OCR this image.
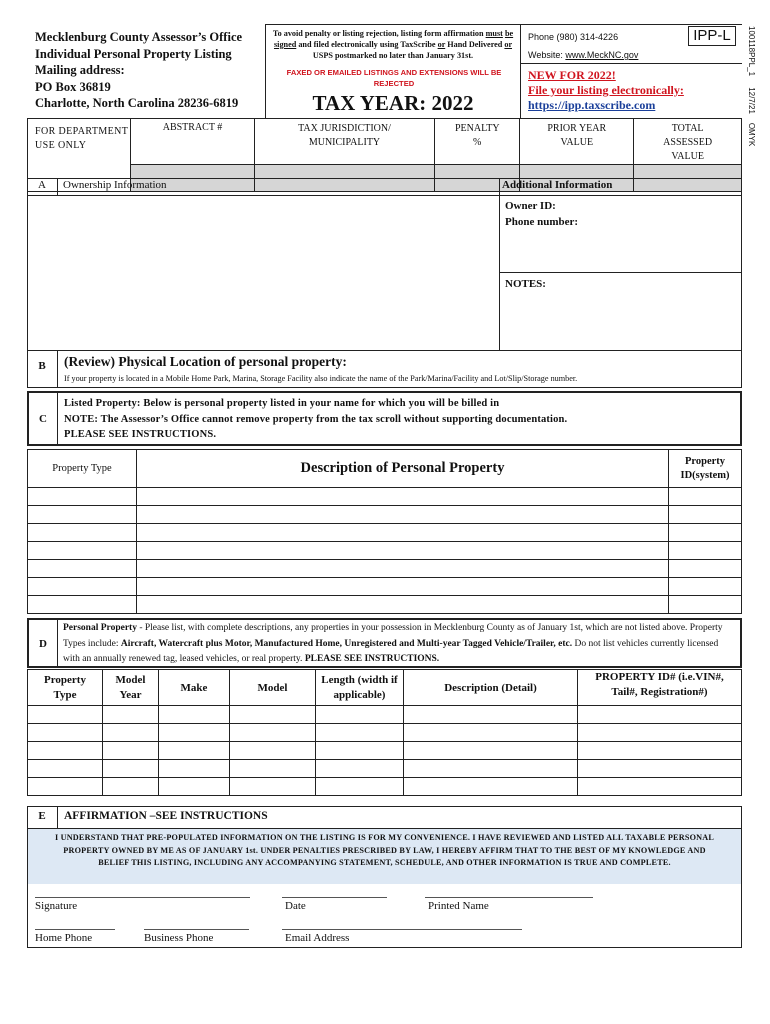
Mecklenburg County Assessor’s Office
Individual Personal Property Listing
Mailing address:
PO Box 36819
Charlotte, North Carolina 28236-6819
To avoid penalty or listing rejection, listing form affirmation must be signed and filed electronically using TaxScribe or Hand Delivered or USPS postmarked no later than January 31st.
FAXED OR EMAILED LISTINGS AND EXTENSIONS WILL BE REJECTED
TAX YEAR: 2022
Phone (980) 314-4226	IPP-L
Website: www.MeckNC.gov
NEW FOR 2022!
File your listing electronically:
https://ipp.taxscribe.com	100118PPL_1     12/7/21    OMYK
FOR DEPARTMENT USE ONLY	ABSTRACT #	TAX JURISDICTION/ MUNICIPALITY	PENALTY %	PRIOR YEAR VALUE	TOTAL ASSESSED VALUE

A	Ownership Information	Additional Information
Owner ID:
Phone number:
NOTES:
B	(Review) Physical Location of personal property:
If your property is located in a Mobile Home Park, Marina, Storage Facility also indicate the name of the Park/Marina/Facility and Lot/Slip/Storage number.
C
Listed Property: Below is personal property listed in your name for which you will be billed in
NOTE: The Assessor’s Office cannot remove property from the tax scroll without supporting documentation.
PLEASE SEE INSTRUCTIONS.
Property Type	Description of Personal Property	Property ID(system)

D
Personal Property - Please list, with complete descriptions, any properties in your possession in Mecklenburg County as of January 1st, which are not listed above. Property Types include: Aircraft, Watercraft plus Motor, Manufactured Home, Unregistered and Multi-year Tagged Vehicle/Trailer, etc. Do not list vehicles currently licensed with an annually renewed tag, leased vehicles, or real property. PLEASE SEE INSTRUCTIONS.
Property Type	Model Year	Make	Model	Length (width if applicable)	Description (Detail)	PROPERTY ID# (i.e.VIN#, Tail#, Registration#)

E	AFFIRMATION –SEE INSTRUCTIONS
I UNDERSTAND THAT PRE-POPULATED INFORMATION ON THE LISTING IS FOR MY CONVENIENCE. I HAVE REVIEWED AND LISTED ALL TAXABLE PERSONAL PROPERTY OWNED BY ME AS OF JANUARY 1st. UNDER PENALTIES PRESCRIBED BY LAW, I HEREBY AFFIRM THAT TO THE BEST OF MY KNOWLEDGE AND BELIEF THIS LISTING, INCLUDING ANY ACCOMPANYING STATEMENT, SCHEDULE, AND OTHER INFORMATION IS TRUE AND COMPLETE.
Signature	Date	Printed Name
Home Phone	Business Phone	Email Address
